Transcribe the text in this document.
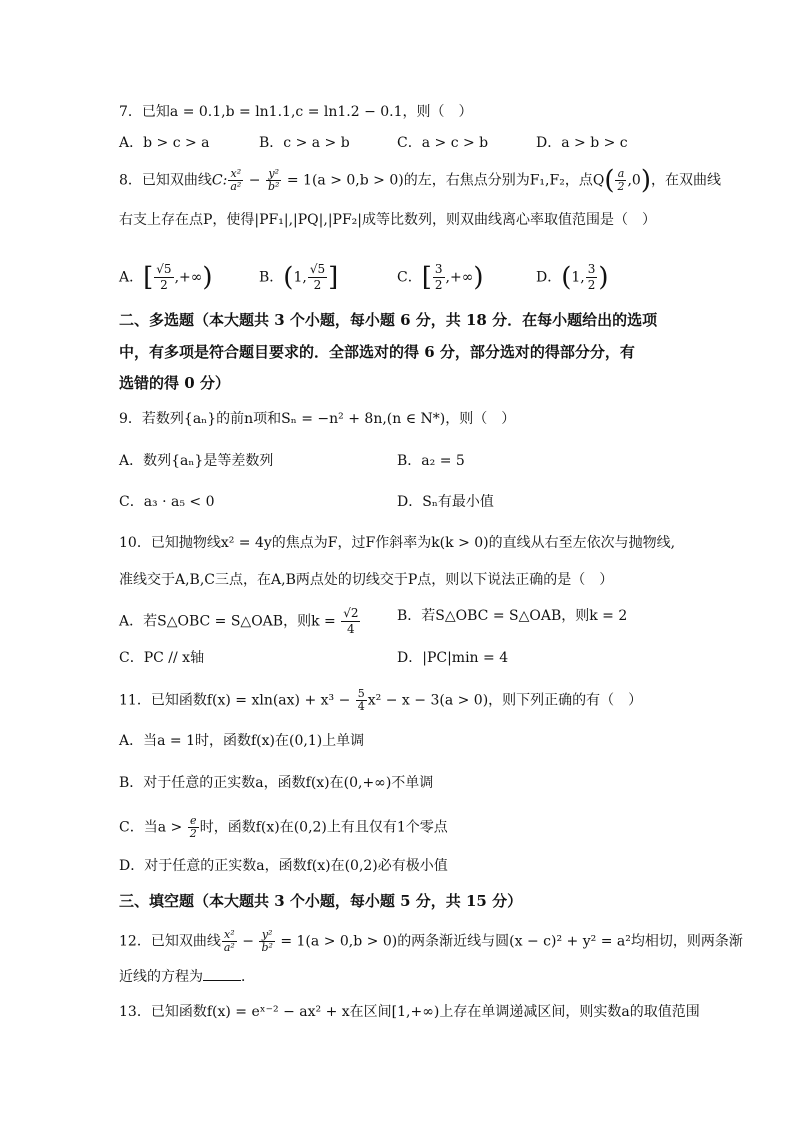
7．已知a = 0.1,b = ln1.1,c = ln1.2 − 0.1，则（　）
A．b > c > a	B．c > a > b	C．a > c > b	D．a > b > c
8．已知双曲线C: $\frac{\text{x²}}{\text{a²}} - \frac{\text{y²}}{\text{b²}} = 1(a > 0,b > 0)$的左，右焦点分别为F₁,F₂，点$Q( \frac{a}{2} ,0)$，在双曲线
右支上存在点P，使得|PF₁|,|PQ|,|PF₂|成等比数列，则双曲线离心率取值范围是（　）
A．[ $\frac{√5}{2}$ ,+∞)	B．(1, $\frac{√5}{2}$ ]	C．[ $\frac{3}{2}$ ,+∞)	D．(1, $\frac{3}{2}$ )
二、多选题（本大题共 3 个小题，每小题 6 分，共 18 分．在每小题给出的选项
中，有多项是符合题目要求的．全部选对的得 6 分，部分选对的得部分分，有
选错的得 0 分）
9．若数列{aₙ}的前n项和Sₙ = −n² + 8n,(n ∈ N*)，则（　）
A．数列{aₙ}是等差数列	B．a₂ = 5
C．a₃ · a₅ < 0	D．Sₙ有最小值
10．已知抛物线x² = 4y的焦点为F，过F作斜率为k(k > 0)的直线从右至左依次与抛物线,
准线交于A,B,C三点，在A,B两点处的切线交于P点，则以下说法正确的是（　）
A．若S△OBC = S△OAB，则$k = \frac{√2}{4}$	B．若S△OBC = S△OAB，则k = 2
C．PC // x轴	D．|PC|min = 4
11．已知函数$f(x) = xln(ax) + x^3 - \frac{5}{4} x^2 - x - 3(a > 0)$，则下列正确的有（　）
A．当a = 1时，函数f(x)在(0,1)上单调
B．对于任意的正实数a，函数f(x)在(0,+∞)不单调
C．当$a > \frac{e}{2}$ 时，函数f(x)在(0,2)上有且仅有1个零点
D．对于任意的正实数a，函数f(x)在(0,2)必有极小值
三、填空题（本大题共 3 个小题，每小题 5 分，共 15 分）
12．已知双曲线 $\frac{\text{x²}}{\text{a²}} - \frac{\text{y²}}{\text{b²}} = 1(a > 0,b > 0)$的两条渐近线与圆(x − c)² + y² = a²均相切，则两条渐
近线的方程为	．
13．已知函数f(x) = eˣ⁻² − ax² + x在区间[1,+∞)上存在单调递减区间，则实数a的取值范围
